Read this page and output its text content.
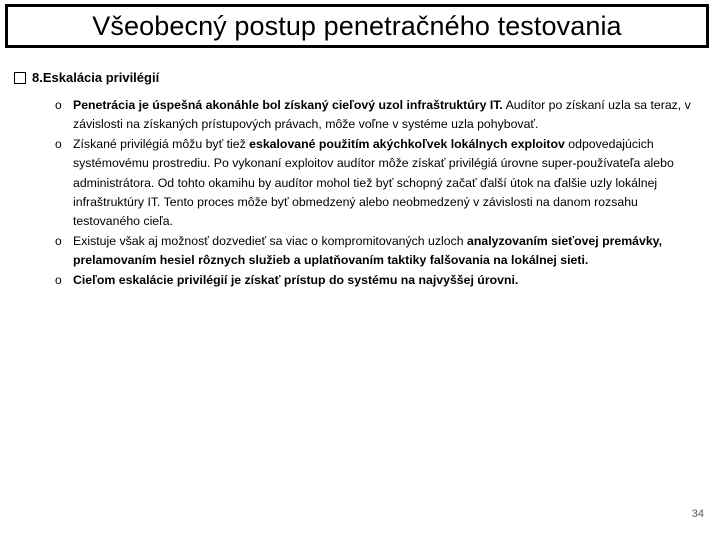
Všeobecný postup penetračného testovania
8.Eskalácia privilégií
o Penetrácia je úspešná akonáhle bol získaný cieľový uzol infraštruktúry IT. Audítor po získaní uzla sa teraz, v závislosti na získaných prístupových právach, môže voľne v systéme uzla pohybovať.
o Získané privilégiá môžu byť tiež eskalované použitím akýchkoľvek lokálnych exploitov odpovedajúcich systémovému prostrediu. Po vykonaní exploitov audítor môže získať privilégiá úrovne super-používateľa alebo administrátora. Od tohto okamihu by audítor mohol tiež byť schopný začať ďalší útok na ďalšie uzly lokálnej infraštruktúry IT. Tento proces môže byť obmedzený alebo neobmedzený v závislosti na danom rozsahu testovaného cieľa.
o Existuje však aj možnosť dozvedieť sa viac o kompromitovaných uzloch analyzovaním sieťovej premávky, prelamovaním hesiel rôznych služieb a uplatňovaním taktiky falšovania na lokálnej sieti.
o Cieľom eskalácie privilégií je získať prístup do systému na najvyššej úrovni.
34
